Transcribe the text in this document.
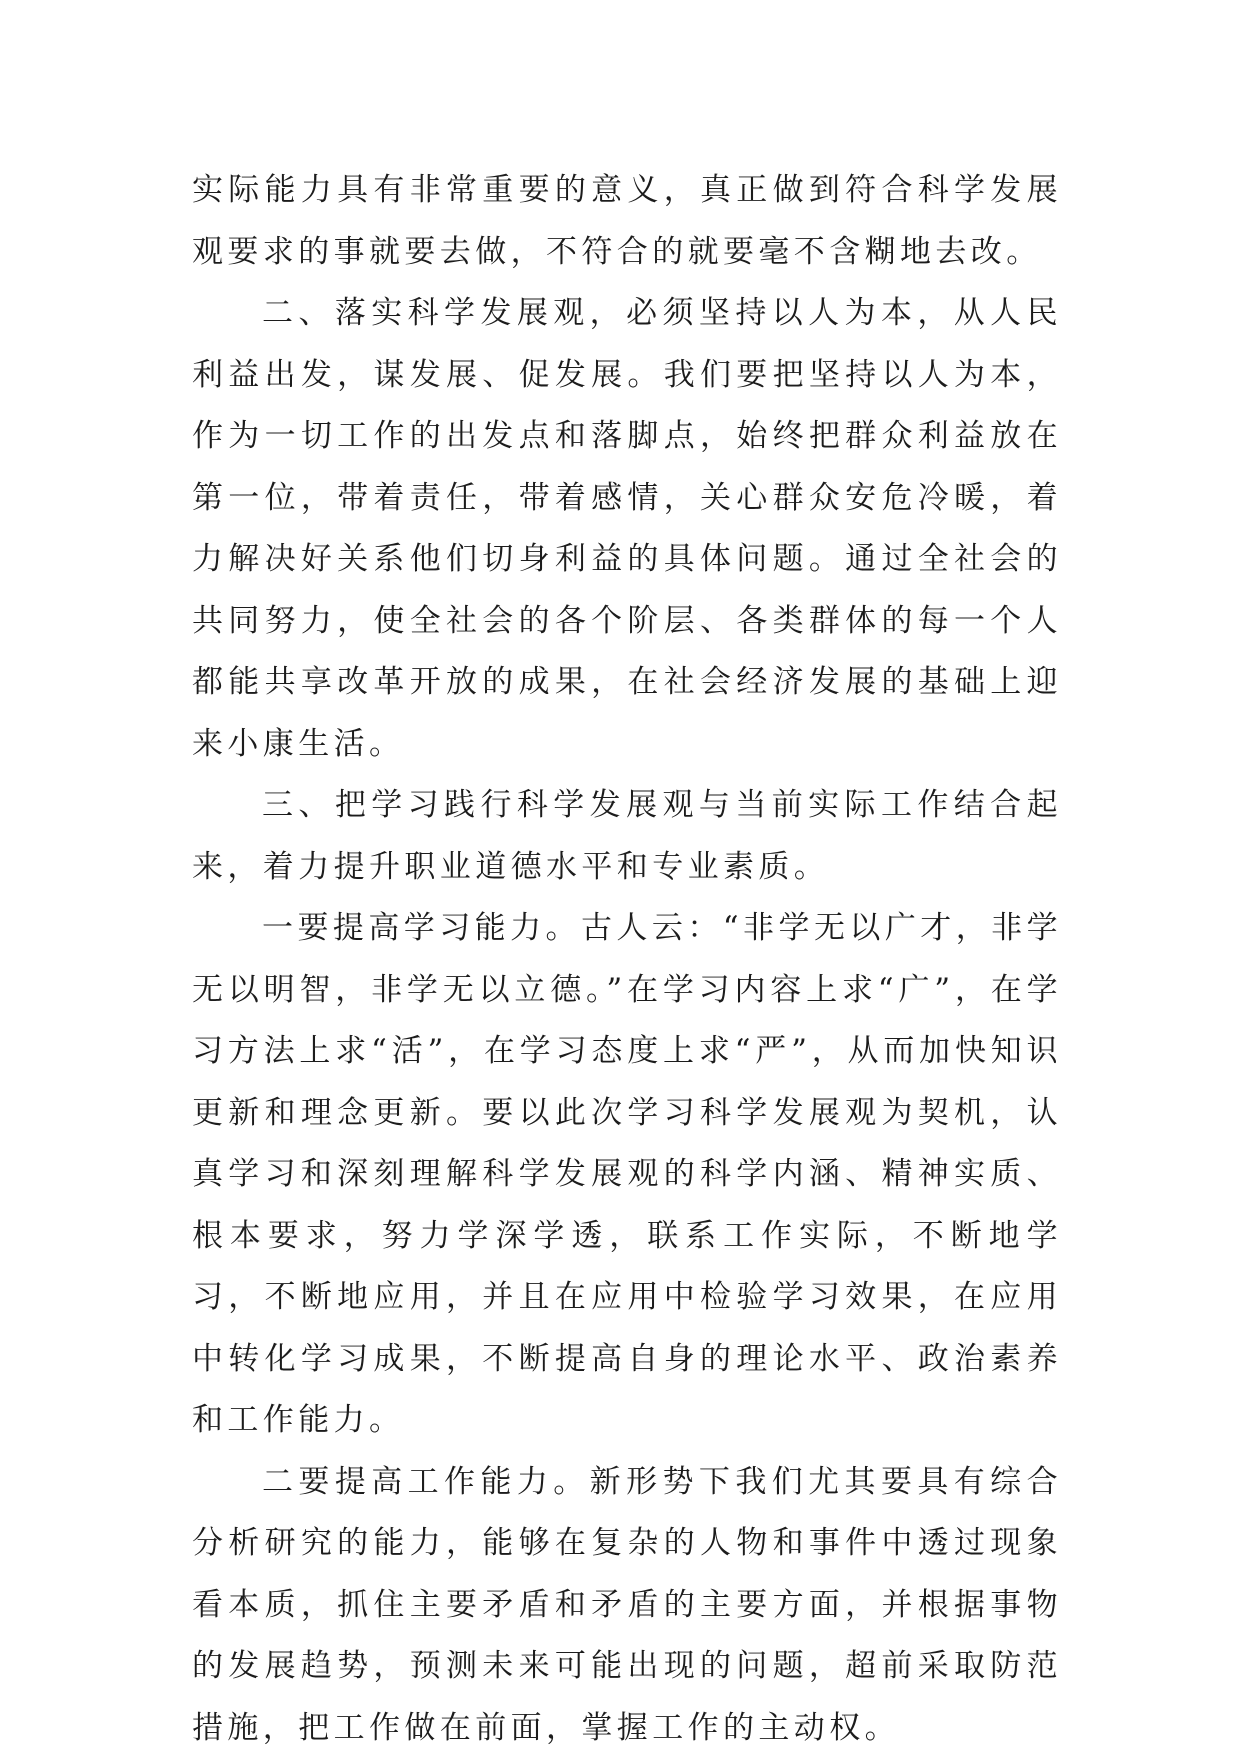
实际能力具有非常重要的意义，真正做到符合科学发展观要求的事就要去做，不符合的就要毫不含糊地去改。

二、落实科学发展观，必须坚持以人为本，从人民利益出发，谋发展、促发展。我们要把坚持以人为本，作为一切工作的出发点和落脚点，始终把群众利益放在第一位，带着责任，带着感情，关心群众安危冷暖，着力解决好关系他们切身利益的具体问题。通过全社会的共同努力，使全社会的各个阶层、各类群体的每一个人都能共享改革开放的成果，在社会经济发展的基础上迎来小康生活。

三、把学习践行科学发展观与当前实际工作结合起来，着力提升职业道德水平和专业素质。

一要提高学习能力。古人云：“非学无以广才，非学无以明智，非学无以立德。”在学习内容上求“广”，在学习方法上求“活”，在学习态度上求“严”，从而加快知识更新和理念更新。要以此次学习科学发展观为契机，认真学习和深刻理解科学发展观的科学内涵、精神实质、根本要求，努力学深学透，联系工作实际，不断地学习，不断地应用，并且在应用中检验学习效果，在应用中转化学习成果，不断提高自身的理论水平、政治素养和工作能力。

二要提高工作能力。新形势下我们尤其要具有综合分析研究的能力，能够在复杂的人物和事件中透过现象看本质，抓住主要矛盾和矛盾的主要方面，并根据事物的发展趋势，预测未来可能出现的问题，超前采取防范措施，把工作做在前面，掌握工作的主动权。
